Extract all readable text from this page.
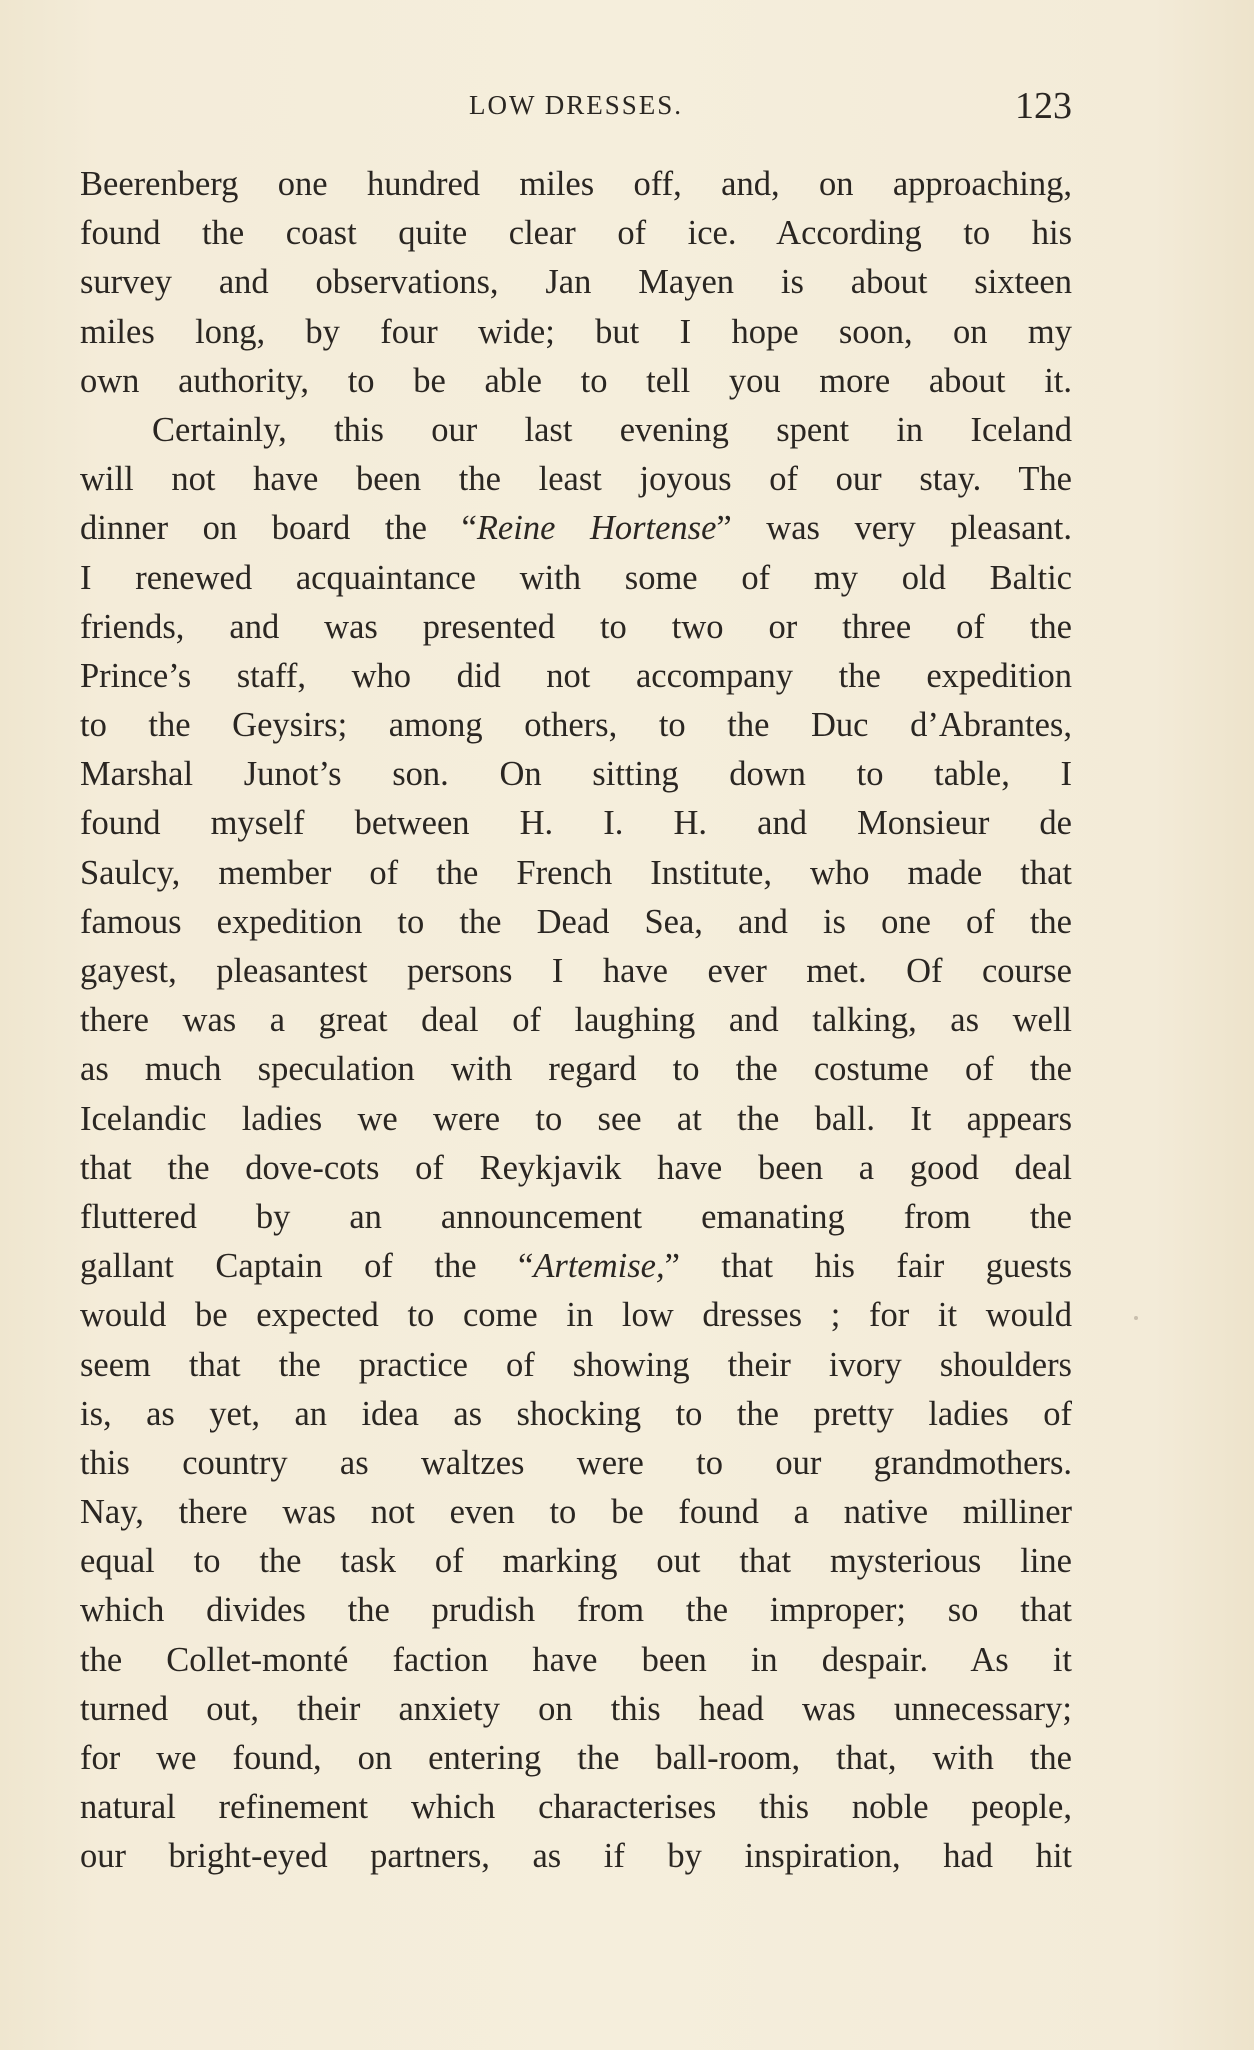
LOW DRESSES.	123
Beerenberg one hundred miles off, and, on approaching,
found the coast quite clear of ice. According to his
survey and observations, Jan Mayen is about sixteen
miles long, by four wide; but I hope soon, on my
own authority, to be able to tell you more about it.
Certainly, this our last evening spent in Iceland
will not have been the least joyous of our stay. The
dinner on board the “Reine Hortense” was very pleasant.
I renewed acquaintance with some of my old Baltic
friends, and was presented to two or three of the
Prince’s staff, who did not accompany the expedition
to the Geysirs; among others, to the Duc d’Abrantes,
Marshal Junot’s son. On sitting down to table, I
found myself between H. I. H. and Monsieur de
Saulcy, member of the French Institute, who made that
famous expedition to the Dead Sea, and is one of the
gayest, pleasantest persons I have ever met. Of course
there was a great deal of laughing and talking, as well
as much speculation with regard to the costume of the
Icelandic ladies we were to see at the ball. It appears
that the dove-cots of Reykjavik have been a good deal
fluttered by an announcement emanating from the
gallant Captain of the “Artemise,” that his fair guests
would be expected to come in low dresses ; for it would
seem that the practice of showing their ivory shoulders
is, as yet, an idea as shocking to the pretty ladies of
this country as waltzes were to our grandmothers.
Nay, there was not even to be found a native milliner
equal to the task of marking out that mysterious line
which divides the prudish from the improper; so that
the Collet-monté faction have been in despair. As it
turned out, their anxiety on this head was unnecessary;
for we found, on entering the ball-room, that, with the
natural refinement which characterises this noble people,
our bright-eyed partners, as if by inspiration, had hit
